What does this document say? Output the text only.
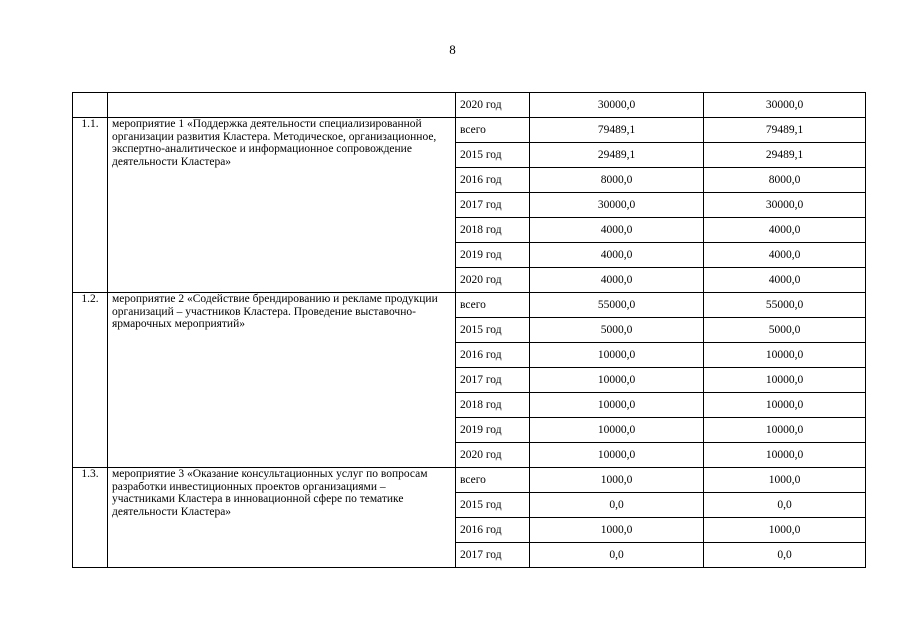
8
		2020 год	30000,0	30000,0
1.1.	мероприятие 1 «Поддержка деятельности специализированной организации развития Кластера. Методическое, организационное, экспертно-аналитическое и информационное сопровождение деятельности Кластера»	всего	79489,1	79489,1
		2015 год	29489,1	29489,1
		2016 год	8000,0	8000,0
		2017 год	30000,0	30000,0
		2018 год	4000,0	4000,0
		2019 год	4000,0	4000,0
		2020 год	4000,0	4000,0
1.2.	мероприятие 2 «Содействие брендированию и рекламе продукции организаций – участников Кластера. Проведение выставочно-ярмарочных мероприятий»	всего	55000,0	55000,0
		2015 год	5000,0	5000,0
		2016 год	10000,0	10000,0
		2017 год	10000,0	10000,0
		2018 год	10000,0	10000,0
		2019 год	10000,0	10000,0
		2020 год	10000,0	10000,0
1.3.	мероприятие 3 «Оказание консультационных услуг по вопросам разработки инвестиционных проектов организациями – участниками Кластера в инновационной сфере по тематике деятельности Кластера»	всего	1000,0	1000,0
		2015 год	0,0	0,0
		2016 год	1000,0	1000,0
		2017 год	0,0	0,0
